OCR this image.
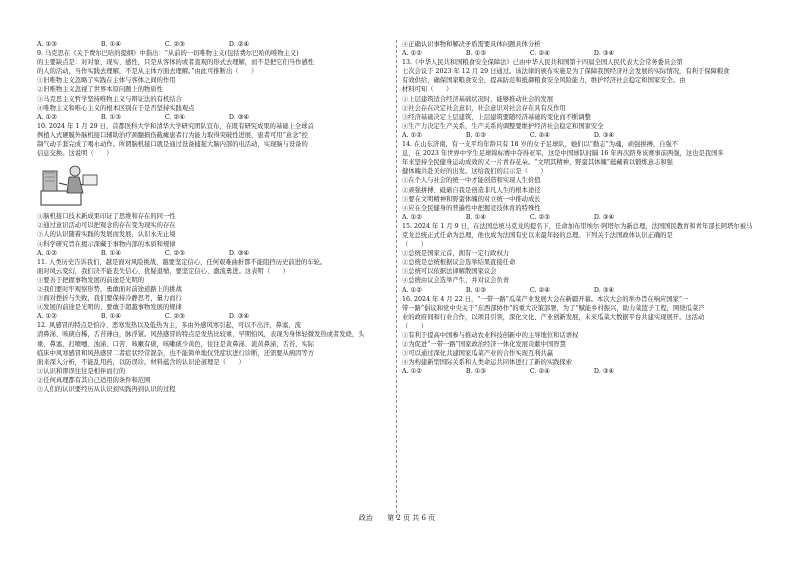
A. ①③　　　　　　　B. ①④　　　　　　　C. ②③　　　　　　　D. ②④
9. 马克思在《关于费尔巴哈的提纲》中指出：“从前的一切唯物主义(包括费尔巴哈的唯物主义)
的主要缺点是：对对象、现实、感性，只是从客体的或者直观的形式去理解，而不是把它们当作感性
的人的活动，当作实践去理解，不是从主体方面去理解。”由此可推断出（　　）
①旧唯物主义忽略了实践在主体与客体之间的作用
②旧唯物主义忽视了世界本原问题上的物质性
③马克思主义哲学坚持唯物主义与辩证法的有机结合
④唯物主义和唯心主义的根本区别在于是否坚持实践观点
A. ①②　　　　　　　B. ①③　　　　　　　C. ②④　　　　　　　D. ③④
10. 2024 年 1 月 29 日，首都医科大学和清华大学研究团队宣布，在既有研究成果的基础上全球首
例植入式硬膜外脑机接口辅助治疗颈髓损伤截瘫患者行为能力取得突破性进展，患者可用“意念”控
制气动手套完成了喝水动作。所谓脑机接口就是通过设备捕捉大脑内部的电活动，实现脑与设备的
信息交换。这说明（　　）
①脑机接口技术新成果印证了思维和存在的同一性
②通过意识活动可以把观念的存在变为现实的存在
③人的认识随着实践的发展而发展，认识永无止境
④科学研究旨在揭示深藏于事物内部的本质和规律
A. ①②　　　　　　　B. ①④　　　　　　　C. ②③　　　　　　　D. ③④
11. 人类历史告诉我们，越是面对风险挑战，越要坚定信心，任何艰难曲折都不能阻挡历史前进的车轮。
面对风云变幻，我们决不能丧失信心、犹疑退缩，要坚定信心、激流勇进。这表明（　　）
①要善于把握事物发展的前途是光明的
②我们要时牢观察形势，勇敢面对前途道路上的挑战
③面对挫折与失败，我们要保持冷静思考，量力而行
④发展的前途是光明的，要敢于超越事物发展的规律
A. ①②　　　　　　　B. ①④　　　　　　　C. ②③　　　　　　　D. ③④
12. 风感冒的特点是怕冷、恶寒发热以及低热为主，多由外感风寒引起，可以不出汗，鼻塞、流
清鼻涕、咳痰白稀，舌苔薄白，脉浮紧。风热感冒的特点是发热比较重，早期怕风，表现为身体轻微发热或者发烧，头
重、鼻塞、打喷嚏、浊涕、口苦、咳嗽有痰，咳嗽痰少黄色，往往是黄鼻涕、流黄鼻涕，舌苔，实际
临床中风寒感冒和风热感冒二者症状经常混杂，也不能简单地仅凭症状进行诊断，还需要从病因等方
面来深入分析，不能乱用药，以防误诊。材料蕴含的认识论道理是（　　）
①认识和谬误往往是相伴而行的
②任何真理都有其自己适用的条件和范围
③人们的认识要经历从认识到实践再到认识的过程
④正确认识事物和解决矛盾需要具体问题具体分析
A. ①②　　　　　　　B. ①③　　　　　　　C. ②④　　　　　　　D. ③④
13.《中华人民共和国粮食安全保障法》已由中华人民共和国第十四届全国人民代表大会常务委员会第
七次会议于 2023 年 12 月 29 日通过。该法律的颁布实施是为了保障我国经济社会发展的实际情况，有利于保障粮食
有效供给，确保国家粮食安全，提高防范和抵御粮食安全风险能力，维护经济社会稳定和国家安全。由
材料可知（　　）
①上层建筑适合经济基础状况时，能够推动社会的发展
②社会存在决定社会意识，社会意识对社会存在具有反作用
③经济基础决定上层建筑，上层建筑要随经济基础的变化而不断调整
④生产力决定生产关系，生产关系的调整要维护经济社会稳定和国家安全
A. ①②　　　　　　　B. ①③　　　　　　　C. ②④　　　　　　　D. ③④
14. 在山东济南，有一支平均年龄只有 18 岁的女子足球队，她们以“勤志”为魂，顽强拼搏，自强不
息，在 2023 年世界中学生足球锦标赛中夺得亚军，这是中国球队时隔 16 年再次跻身该赛事前两强，这也是我国多
年来坚持全民健身运动成效的又一片青春花朵。“文明其精神，野蛮其体魄”蕴藏着以锻炼意志和强
健体魄共赴美好的出发。这给我们的启示是（　　）
①在个人与社会的统一中才能创造和实现人生价值
②顽强拼搏、砥砺自我是创造非凡人生的根本途径
③要在文明精神和野蛮体魄的对立统一中推动成长
④应在全民健身的普遍性中把握竞技体育的特殊性
A. ①②　　　　　　　B. ①④　　　　　　　C. ②③　　　　　　　D. ③④
15. 2024 年 1 月 9 日，在法国总统马克龙的提名下，任命加布里埃尔·阿塔尔为新总理，法国国民教育和青年部长阿塔尔被马
克龙总统正式任命为总理，他也成为法国有史以来最年轻的总理。下列关于法国政体认识正确的是
（　　）
①总统是国家元首，拥有一定行政权力
②总统是总统根据议会选举结果直接任命
③总统可以依据法律解散国家议会
④总统由议会选举产生，并对议会负责
A. ①②　　　　　　　B. ①③　　　　　　　C. ②④　　　　　　　D. ③④
16. 2024 年 4 月 22 日，“一带一路”瓜菜产业发展大会在新疆开幕。本次大会的举办旨在响应国家“一
带一路”倡议和党中央关于“东西部协作”的重大决策部署，为了“赋能乡村振兴，助力菜篮子工程，围绕瓜菜产
业的政府间和行业合作，以项目引领，深化文化、产业创新发展，未来瓜菜大数据平台共建实现展开。这活动
（　　）
①有利于提高中国参与推动农业科技创新中的主导地位和话语权
②为促进“一带一路”国家政治经济一体化发展贡献中国智慧
③可以通过深化共建国家瓜菜产业的合作实现互利共赢
④为构建新型国际关系和人类命运共同体进行了新的实践探索
A. ①②　　　　　　　B. ①③　　　　　　　C. ②④　　　　　　　D. ③④
政治 第 2 页 共 6 页
